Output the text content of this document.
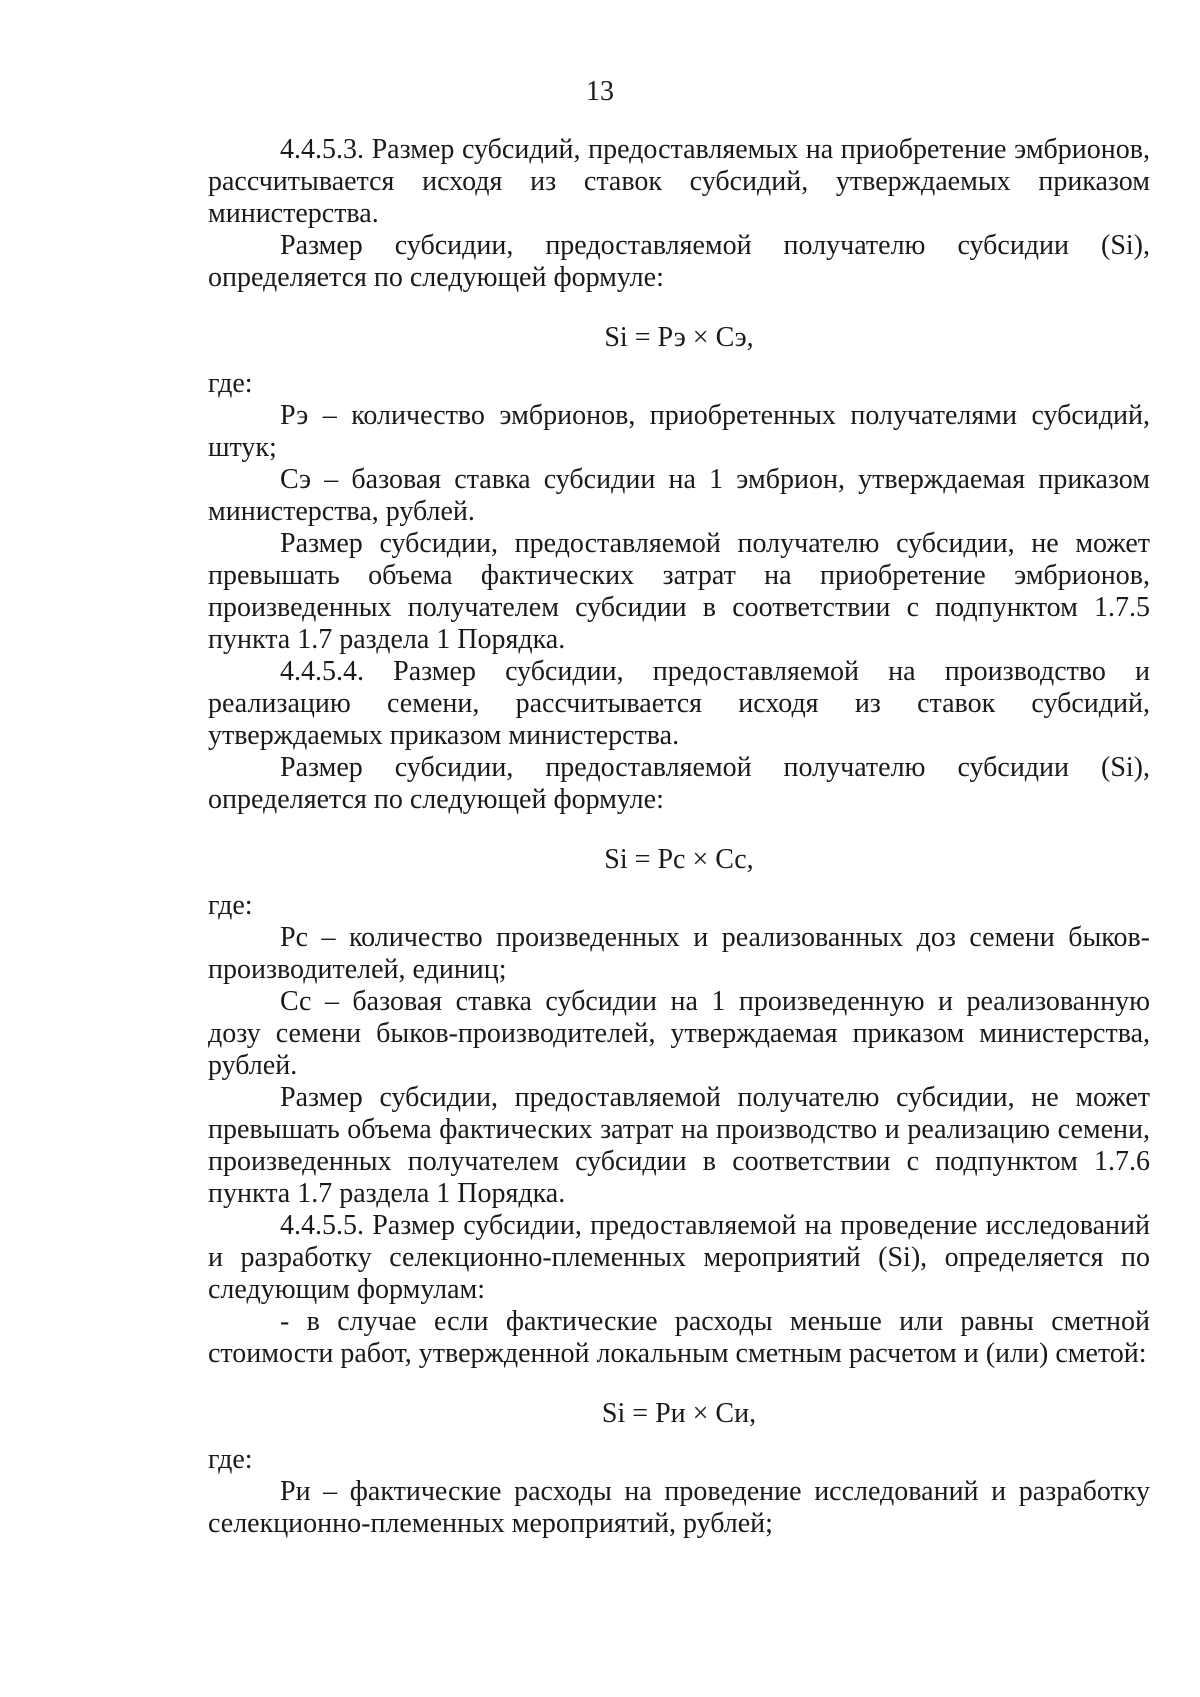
13

4.4.5.3. Размер субсидий, предоставляемых на приобретение эмбрионов, рассчитывается исходя из ставок субсидий, утверждаемых приказом министерства.

Размер субсидии, предоставляемой получателю субсидии (Si), определяется по следующей формуле:

Si = Рэ × Сэ,

где:

Рэ – количество эмбрионов, приобретенных получателями субсидий, штук;

Сэ – базовая ставка субсидии на 1 эмбрион, утверждаемая приказом министерства, рублей.

Размер субсидии, предоставляемой получателю субсидии, не может превышать объема фактических затрат на приобретение эмбрионов, произведенных получателем субсидии в соответствии с подпунктом 1.7.5 пункта 1.7 раздела 1 Порядка.

4.4.5.4. Размер субсидии, предоставляемой на производство и реализацию семени, рассчитывается исходя из ставок субсидий, утверждаемых приказом министерства.

Размер субсидии, предоставляемой получателю субсидии (Si), определяется по следующей формуле:

Si = Рс × Сс,

где:

Рс – количество произведенных и реализованных доз семени быков-производителей, единиц;

Сс – базовая ставка субсидии на 1 произведенную и реализованную дозу семени быков-производителей, утверждаемая приказом министерства, рублей.

Размер субсидии, предоставляемой получателю субсидии, не может превышать объема фактических затрат на производство и реализацию семени, произведенных получателем субсидии в соответствии с подпунктом 1.7.6 пункта 1.7 раздела 1 Порядка.

4.4.5.5. Размер субсидии, предоставляемой на проведение исследований и разработку селекционно-племенных мероприятий (Si), определяется по следующим формулам:

- в случае если фактические расходы меньше или равны сметной стоимости работ, утвержденной локальным сметным расчетом и (или) сметой:

Si = Ри × Си,

где:

Ри – фактические расходы на проведение исследований и разработку селекционно-племенных мероприятий, рублей;
